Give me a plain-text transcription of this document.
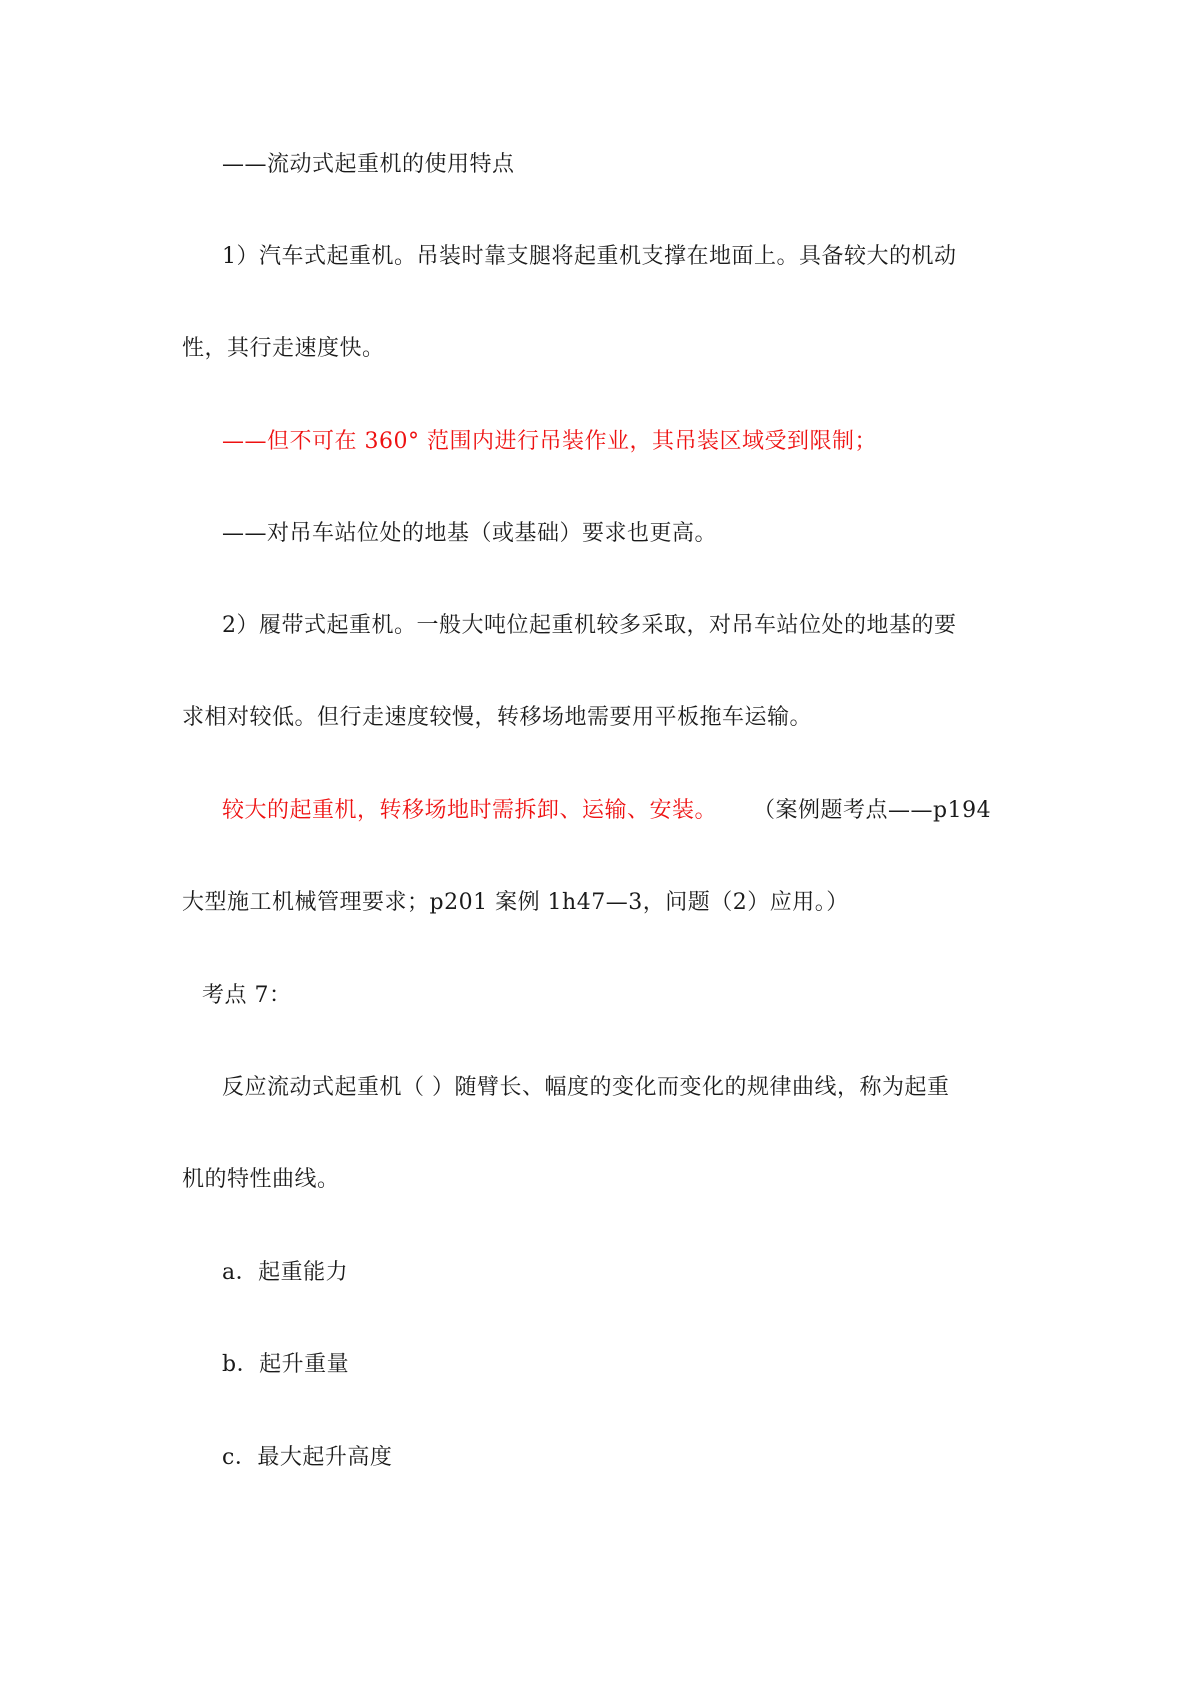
——流动式起重机的使用特点
1）汽车式起重机。吊装时靠支腿将起重机支撑在地面上。具备较大的机动
性，其行走速度快。
——但不可在 360° 范围内进行吊装作业，其吊装区域受到限制；
——对吊车站位处的地基（或基础）要求也更高。
2）履带式起重机。一般大吨位起重机较多采取，对吊车站位处的地基的要
求相对较低。但行走速度较慢，转移场地需要用平板拖车运输。
较大的起重机，转移场地时需拆卸、运输、安装。 （案例题考点——p194
大型施工机械管理要求；p201 案例 1h47—3，问题（2）应用。）
考点 7：
反应流动式起重机（ ）随臂长、幅度的变化而变化的规律曲线，称为起重
机的特性曲线。
a．起重能力
b．起升重量
c．最大起升高度
